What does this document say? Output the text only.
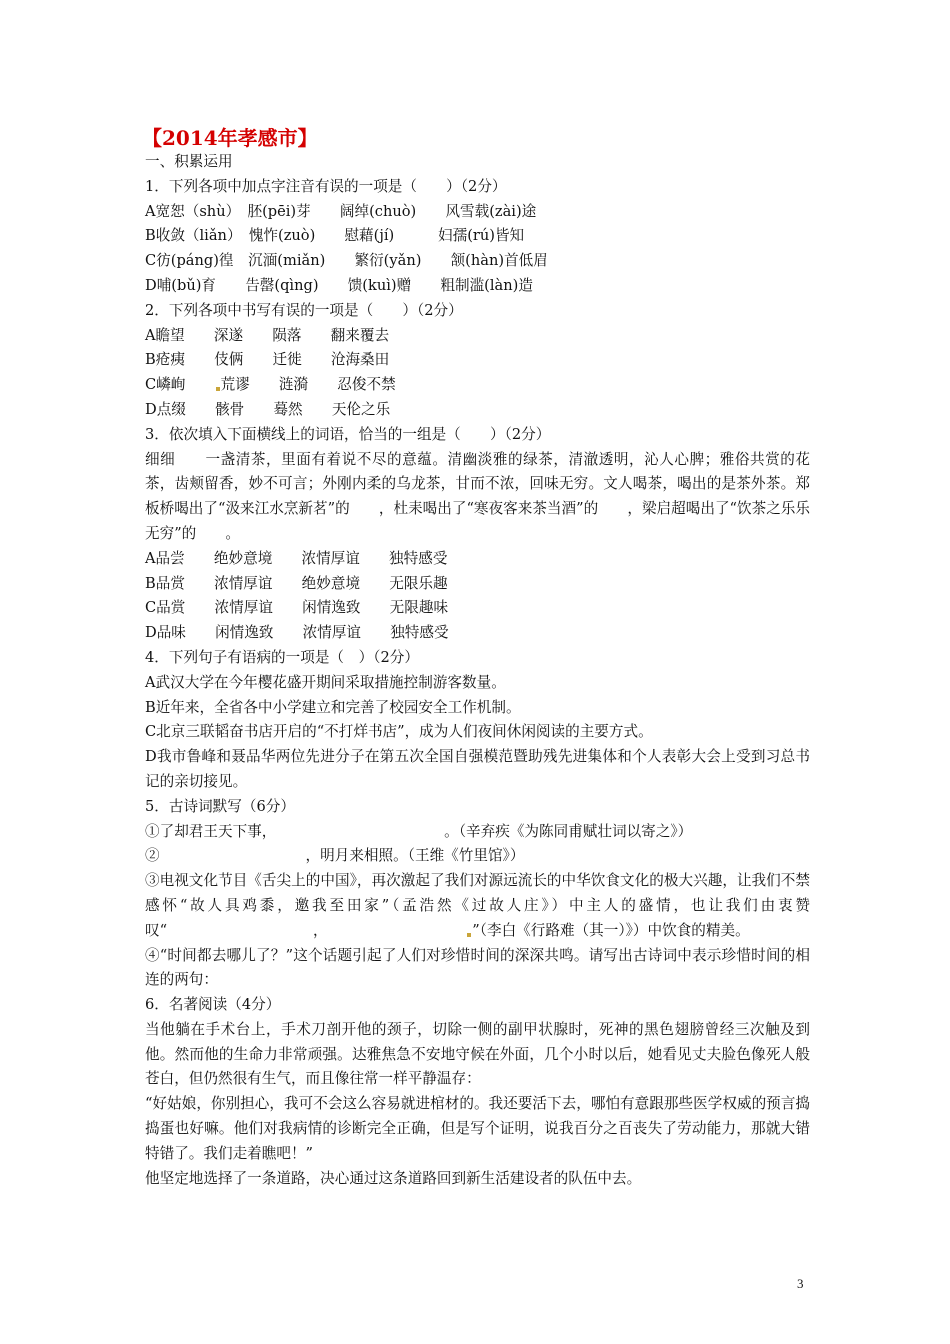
【2014年孝感市】
一、积累运用
1．下列各项中加点字注音有误的一项是（　　）（2分）
A宽恕（shù）　胚(pēi)芽　　阔绰(chuò)　　风雪载(zài)途
B收敛（liǎn）　愧怍(zuò)　　慰藉(jí)　　　妇孺(rú)皆知
C彷(páng)徨　沉湎(miǎn)　　繁衍(yǎn)　　颔(hàn)首低眉
D哺(bǔ)育　　告罄(qìng)　　馈(kuì)赠　　粗制滥(làn)造
2．下列各项中书写有误的一项是（　　）（2分）
A瞻望　　深遂　　陨落　　翻来覆去
B疮痍　　伎俩　　迁徙　　沧海桑田
C嶙峋　　荒谬　　涟漪　　忍俊不禁
D点缀　　骸骨　　蓦然　　天伦之乐
3．依次填入下面横线上的词语，恰当的一组是（　　）（2分）
细细　　一盏清茶，里面有着说不尽的意蕴。清幽淡雅的绿茶，清澈透明，沁人心脾；雅俗共赏的花茶，齿颊留香，妙不可言；外刚内柔的乌龙茶，甘而不浓，回味无穷。文人喝茶，喝出的是茶外茶。郑板桥喝出了“汲来江水烹新茗”的　　，杜耒喝出了“寒夜客来茶当酒”的　　，梁启超喝出了“饮茶之乐乐无穷”的　　。
A品尝　　绝妙意境　　浓情厚谊　　独特感受
B品赏　　浓情厚谊　　绝妙意境　　无限乐趣
C品赏　　浓情厚谊　　闲情逸致　　无限趣味
D品味　　闲情逸致　　浓情厚谊　　独特感受
4．下列句子有语病的一项是（　）（2分）
A武汉大学在今年樱花盛开期间采取措施控制游客数量。
B近年来，全省各中小学建立和完善了校园安全工作机制。
C北京三联韬奋书店开启的“不打烊书店”，成为人们夜间休闲阅读的主要方式。
D我市鲁峰和聂品华两位先进分子在第五次全国自强模范暨助残先进集体和个人表彰大会上受到习总书记的亲切接见。
5．古诗词默写（6分）
①了却君王天下事，　　　　　　　　　　　　。（辛弃疾《为陈同甫赋壮词以寄之》）
②　　　　　　　　　　，明月来相照。（王维《竹里馆》）
③电视文化节目《舌尖上的中国》，再次激起了我们对源远流长的中华饮食文化的极大兴趣，让我们不禁感怀“故人具鸡黍，邀我至田家”（孟浩然《过故人庄》）中主人的盛情，也让我们由衷赞叹“　　　　　　　　　　，　　　　　　　　　　”（李白《行路难（其一）》）中饮食的精美。
④“时间都去哪儿了？”这个话题引起了人们对珍惜时间的深深共鸣。请写出古诗词中表示珍惜时间的相连的两句：
6．名著阅读（4分）
当他躺在手术台上，手术刀剖开他的颈子，切除一侧的副甲状腺时，死神的黑色翅膀曾经三次触及到他。然而他的生命力非常顽强。达雅焦急不安地守候在外面，几个小时以后，她看见丈夫脸色像死人般苍白，但仍然很有生气，而且像往常一样平静温存：
“好姑娘，你别担心，我可不会这么容易就进棺材的。我还要活下去，哪怕有意跟那些医学权威的预言捣捣蛋也好嘛。他们对我病情的诊断完全正确，但是写个证明，说我百分之百丧失了劳动能力，那就大错特错了。我们走着瞧吧！”
他坚定地选择了一条道路，决心通过这条道路回到新生活建设者的队伍中去。
3
